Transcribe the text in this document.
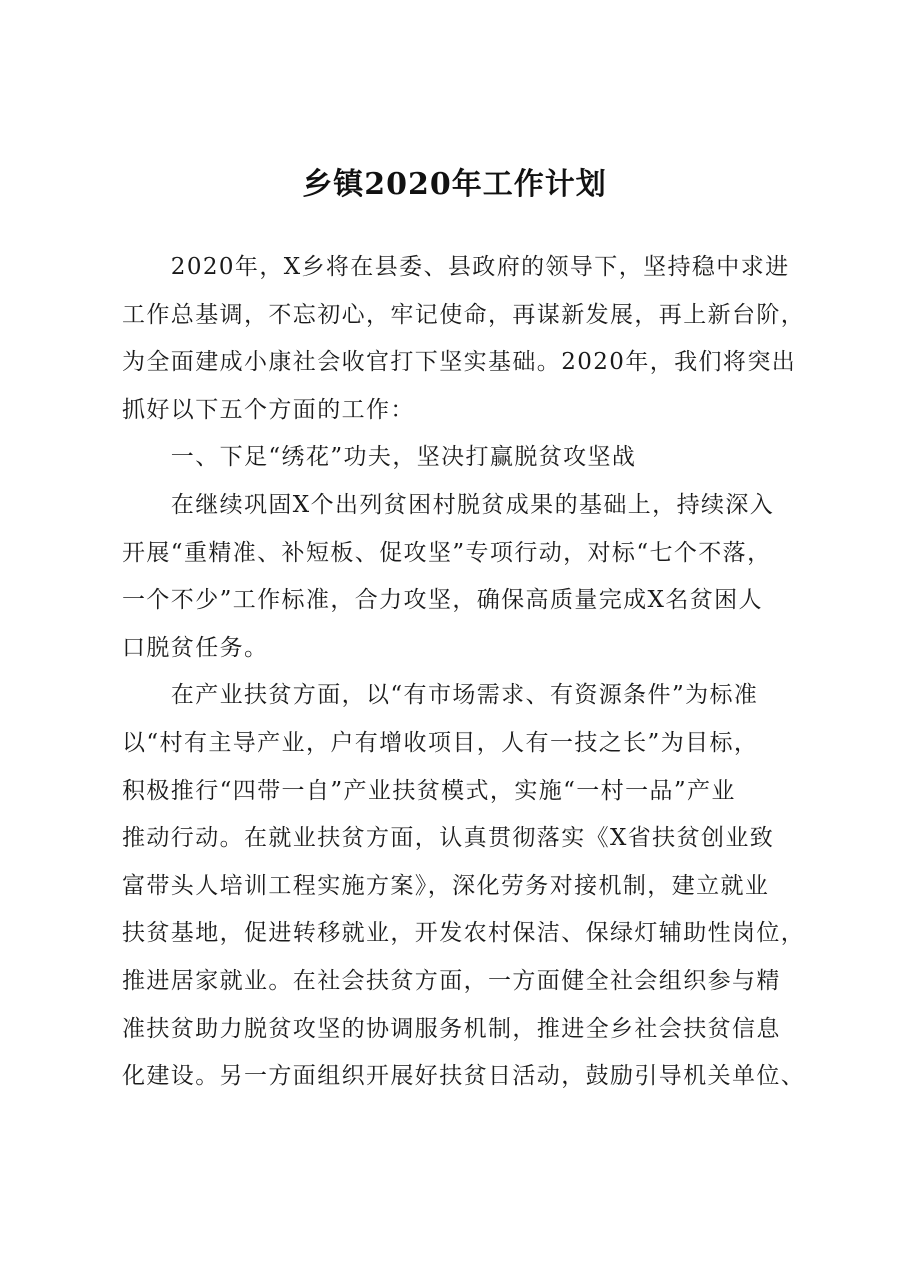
乡镇2020年工作计划
　　2020年，X乡将在县委、县政府的领导下，坚持稳中求进
工作总基调，不忘初心，牢记使命，再谋新发展，再上新台阶，
为全面建成小康社会收官打下坚实基础。2020年，我们将突出
抓好以下五个方面的工作：
　　一、下足“绣花”功夫，坚决打赢脱贫攻坚战
　　在继续巩固X个出列贫困村脱贫成果的基础上，持续深入
开展“重精准、补短板、促攻坚”专项行动，对标“七个不落，
一个不少”工作标准，合力攻坚，确保高质量完成X名贫困人
口脱贫任务。
　　在产业扶贫方面，以“有市场需求、有资源条件”为标准
以“村有主导产业，户有增收项目，人有一技之长”为目标，
积极推行“四带一自”产业扶贫模式，实施“一村一品”产业
推动行动。在就业扶贫方面，认真贯彻落实《X省扶贫创业致
富带头人培训工程实施方案》，深化劳务对接机制，建立就业
扶贫基地，促进转移就业，开发农村保洁、保绿灯辅助性岗位，
推进居家就业。在社会扶贫方面，一方面健全社会组织参与精
准扶贫助力脱贫攻坚的协调服务机制，推进全乡社会扶贫信息
化建设。另一方面组织开展好扶贫日活动，鼓励引导机关单位、
